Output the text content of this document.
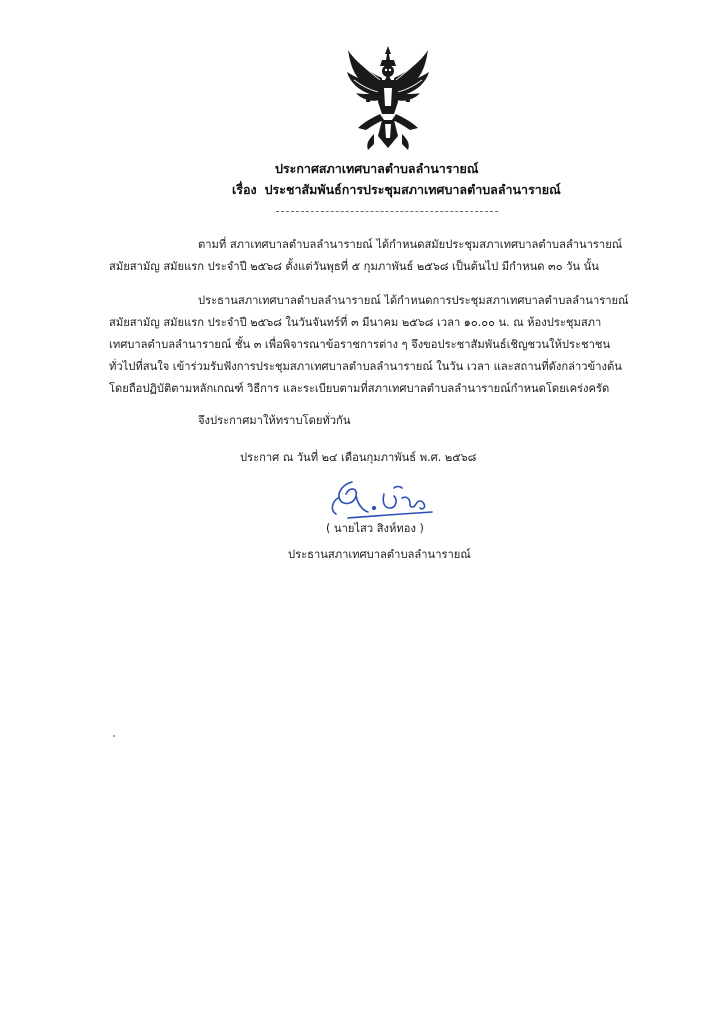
ประกาศสภาเทศบาลตำบลลำนารายณ์
เรื่อง ประชาสัมพันธ์การประชุมสภาเทศบาลตำบลลำนารายณ์
ตามที่ สภาเทศบาลตำบลลำนารายณ์ ได้กำหนดสมัยประชุมสภาเทศบาลตำบลลำนารายณ์
สมัยสามัญ สมัยแรก ประจำปี ๒๕๖๘ ตั้งแต่วันพุธที่ ๕ กุมภาพันธ์ ๒๕๖๘ เป็นต้นไป มีกำหนด ๓๐ วัน นั้น
ประธานสภาเทศบาลตำบลลำนารายณ์ ได้กำหนดการประชุมสภาเทศบาลตำบลลำนารายณ์
สมัยสามัญ สมัยแรก ประจำปี ๒๕๖๘ ในวันจันทร์ที่ ๓ มีนาคม ๒๕๖๘ เวลา ๑๐.๐๐ น. ณ ห้องประชุมสภา
เทศบาลตำบลลำนารายณ์ ชั้น ๓ เพื่อพิจารณาข้อราชการต่าง ๆ จึงขอประชาสัมพันธ์เชิญชวนให้ประชาชน
ทั่วไปที่สนใจ เข้าร่วมรับฟังการประชุมสภาเทศบาลตำบลลำนารายณ์ ในวัน เวลา และสถานที่ดังกล่าวข้างต้น
โดยถือปฏิบัติตามหลักเกณฑ์ วิธีการ และระเบียบตามที่สภาเทศบาลตำบลลำนารายณ์กำหนดโดยเคร่งครัด
จึงประกาศมาให้ทราบโดยทั่วกัน
ประกาศ ณ วันที่ ๒๔ เดือนกุมภาพันธ์ พ.ศ. ๒๕๖๘
( นายไสว สิงห์ทอง )
ประธานสภาเทศบาลตำบลลำนารายณ์
